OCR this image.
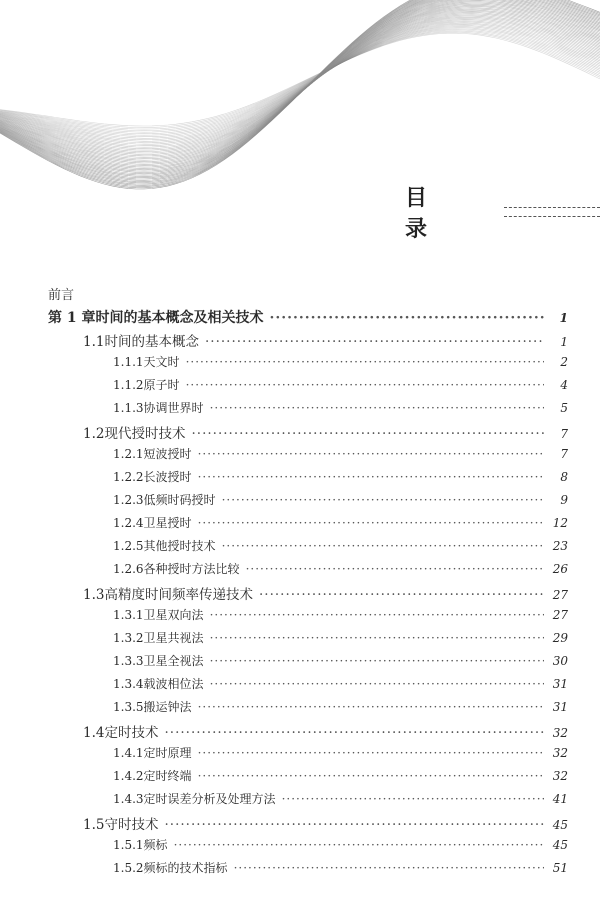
目 录
前言
第 1 章 时间的基本概念及相关技术 ·····	1
1.1 时间的基本概念 ·····	1
1.1.1 天文时 ·····	2
1.1.2 原子时 ·····	4
1.1.3 协调世界时 ·····	5
1.2 现代授时技术 ·····	7
1.2.1 短波授时 ·····	7
1.2.2 长波授时 ·····	8
1.2.3 低频时码授时 ·····	9
1.2.4 卫星授时 ·····	12
1.2.5 其他授时技术 ·····	23
1.2.6 各种授时方法比较 ·····	26
1.3 高精度时间频率传递技术 ·····	27
1.3.1 卫星双向法 ·····	27
1.3.2 卫星共视法 ·····	29
1.3.3 卫星全视法 ·····	30
1.3.4 载波相位法 ·····	31
1.3.5 搬运钟法 ·····	31
1.4 定时技术 ·····	32
1.4.1 定时原理 ·····	32
1.4.2 定时终端 ·····	32
1.4.3 定时误差分析及处理方法 ·····	41
1.5 守时技术 ·····	45
1.5.1 频标 ·····	45
1.5.2 频标的技术指标 ·····	51
